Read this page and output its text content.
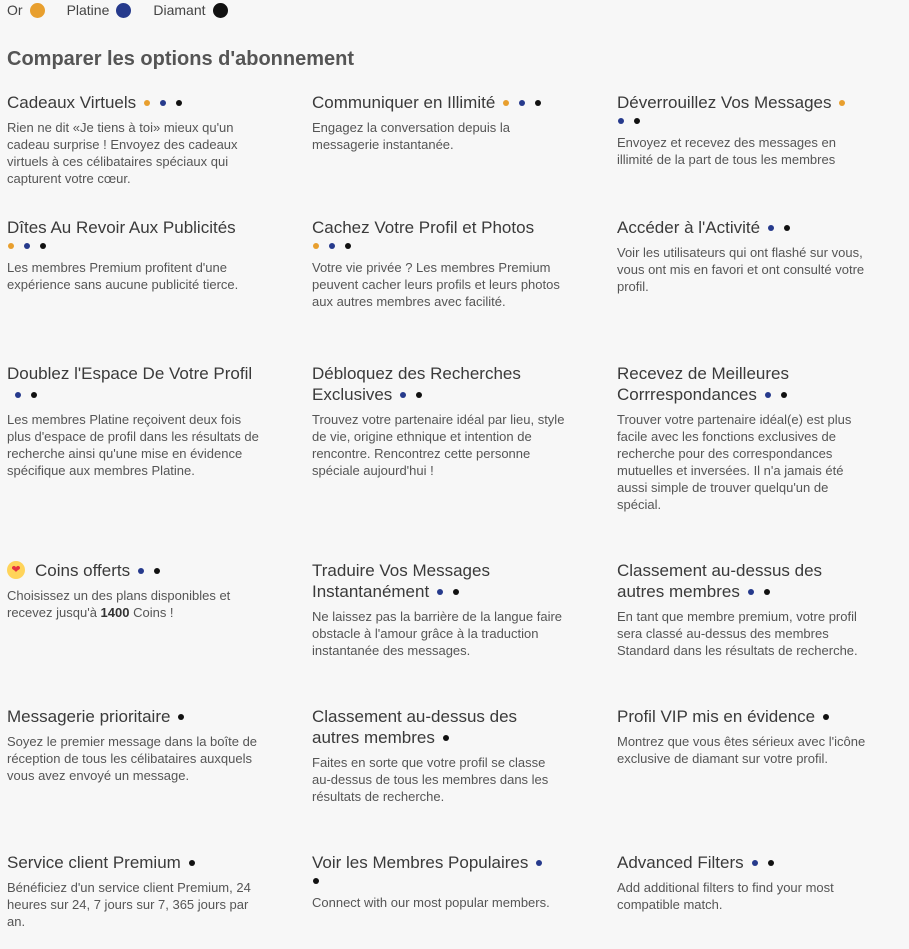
Or	Platine	Diamant
Comparer les options d'abonnement
Cadeaux Virtuels
Rien ne dit «Je tiens à toi» mieux qu'un cadeau surprise ! Envoyez des cadeaux virtuels à ces célibataires spéciaux qui capturent votre cœur.
Communiquer en Illimité
Engagez la conversation depuis la messagerie instantanée.
Déverrouillez Vos Messages
Envoyez et recevez des messages en illimité de la part de tous les membres
Dîtes Au Revoir Aux Publicités
Les membres Premium profitent d'une expérience sans aucune publicité tierce.
Cachez Votre Profil et Photos
Votre vie privée ? Les membres Premium peuvent cacher leurs profils et leurs photos aux autres membres avec facilité.
Accéder à l'Activité
Voir les utilisateurs qui ont flashé sur vous, vous ont mis en favori et ont consulté votre profil.
Doublez l'Espace De Votre Profil
Les membres Platine reçoivent deux fois plus d'espace de profil dans les résultats de recherche ainsi qu'une mise en évidence spécifique aux membres Platine.
Débloquez des Recherches Exclusives
Trouvez votre partenaire idéal par lieu, style de vie, origine ethnique et intention de rencontre. Rencontrez cette personne spéciale aujourd'hui !
Recevez de Meilleures Corrrespondances
Trouver votre partenaire idéal(e) est plus facile avec les fonctions exclusives de recherche pour des correspondances mutuelles et inversées. Il n'a jamais été aussi simple de trouver quelqu'un de spécial.
❤ Coins offerts
Choisissez un des plans disponibles et recevez jusqu'à 1400 Coins !
Traduire Vos Messages Instantanément
Ne laissez pas la barrière de la langue faire obstacle à l'amour grâce à la traduction instantanée des messages.
Classement au-dessus des autres membres
En tant que membre premium, votre profil sera classé au-dessus des membres Standard dans les résultats de recherche.
Messagerie prioritaire
Soyez le premier message dans la boîte de réception de tous les célibataires auxquels vous avez envoyé un message.
Classement au-dessus des autres membres
Faites en sorte que votre profil se classe au-dessus de tous les membres dans les résultats de recherche.
Profil VIP mis en évidence
Montrez que vous êtes sérieux avec l'icône exclusive de diamant sur votre profil.
Service client Premium
Bénéficiez d'un service client Premium, 24 heures sur 24, 7 jours sur 7, 365 jours par an.
Voir les Membres Populaires
Connect with our most popular members.
Advanced Filters
Add additional filters to find your most compatible match.
